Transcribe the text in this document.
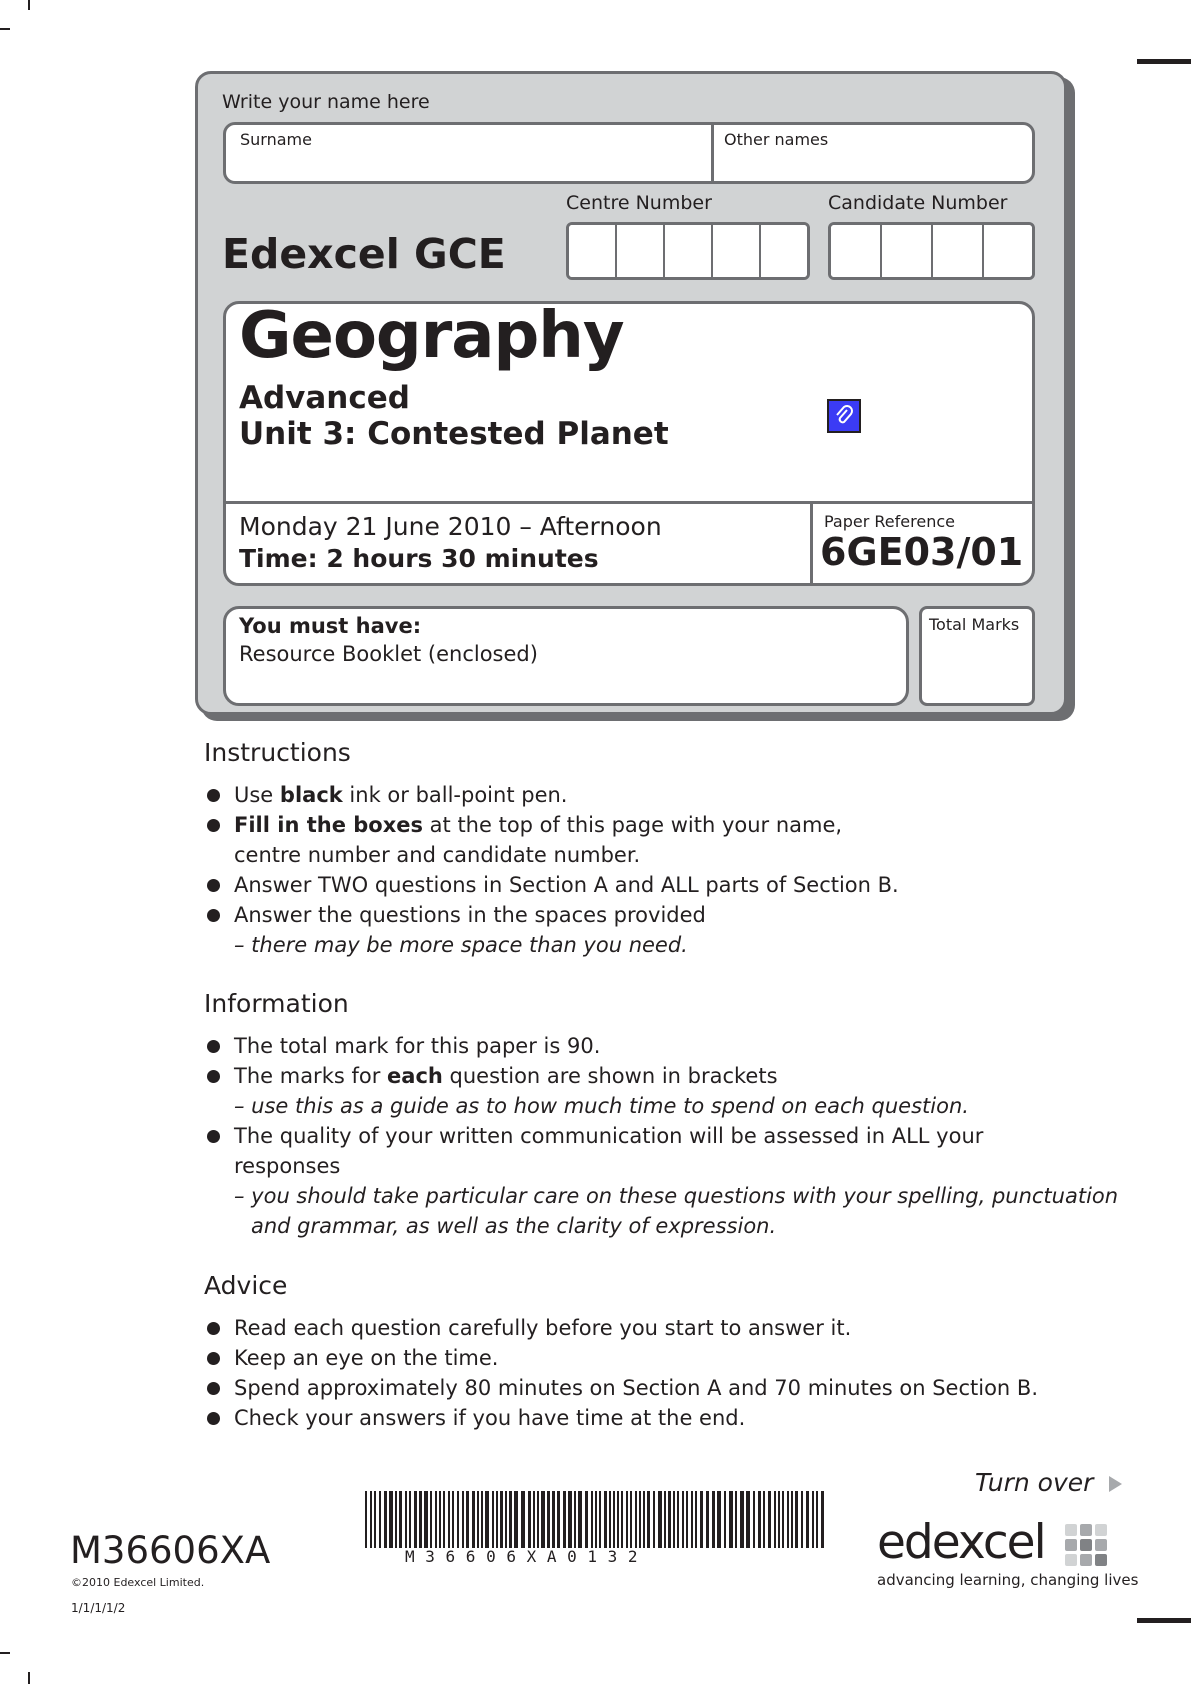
Write your name here
Surname	Other names
Centre Number	Candidate Number
Edexcel GCE
Geography
Advanced
Unit 3: Contested Planet
Monday 21 June 2010 – Afternoon
Time: 2 hours 30 minutes
Paper Reference
6GE03/01
You must have:
Resource Booklet (enclosed)
Total Marks
Instructions
Use black ink or ball-point pen.
Fill in the boxes at the top of this page with your name,
centre number and candidate number.
Answer TWO questions in Section A and ALL parts of Section B.
Answer the questions in the spaces provided
– there may be more space than you need.
Information
The total mark for this paper is 90.
The marks for each question are shown in brackets
– use this as a guide as to how much time to spend on each question.
The quality of your written communication will be assessed in ALL your
responses
– you should take particular care on these questions with your spelling, punctuation
and grammar, as well as the clarity of expression.
Advice
Read each question carefully before you start to answer it.
Keep an eye on the time.
Spend approximately 80 minutes on Section A and 70 minutes on Section B.
Check your answers if you have time at the end.
Turn over
M36606XA
©2010 Edexcel Limited.
1/1/1/1/2
M 3 6 6 0 6 X A 0 1 3 2	edexcel
advancing learning, changing lives
